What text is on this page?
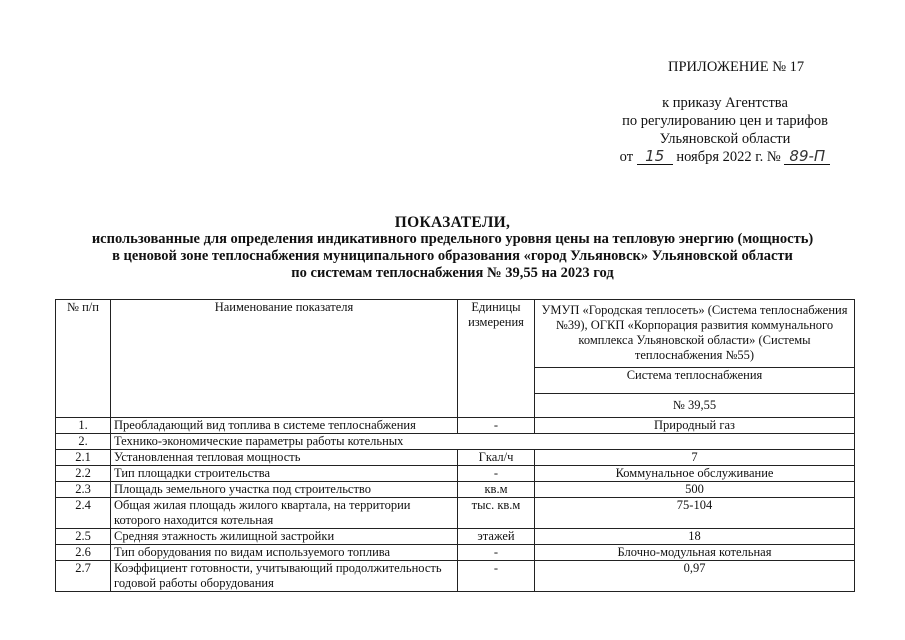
ПРИЛОЖЕНИЕ № 17
к приказу Агентства
по регулированию цен и тарифов
Ульяновской области
от 15 ноября 2022 г. № 89-П
ПОКАЗАТЕЛИ,
использованные для определения индикативного предельного уровня цены на тепловую энергию (мощность)
в ценовой зоне теплоснабжения муниципального образования «город Ульяновск» Ульяновской области
по системам теплоснабжения № 39,55 на 2023 год
№ п/п	Наименование показателя	Единицы измерения	УМУП «Городская теплосеть» (Система теплоснабжения №39), ОГКП «Корпорация развития коммунального комплекса Ульяновской области» (Системы теплоснабжения №55)
			Система теплоснабжения
			№ 39,55
1.	Преобладающий вид топлива в системе теплоснабжения	-	Природный газ
2.	Технико-экономические параметры работы котельных		
2.1	Установленная тепловая мощность	Гкал/ч	7
2.2	Тип площадки строительства	-	Коммунальное обслуживание
2.3	Площадь земельного участка под строительство	кв.м	500
2.4	Общая жилая площадь жилого квартала, на территории которого находится котельная	тыс. кв.м	75-104
2.5	Средняя этажность жилищной застройки	этажей	18
2.6	Тип оборудования по видам используемого топлива	-	Блочно-модульная котельная
2.7	Коэффициент готовности, учитывающий продолжительность годовой работы оборудования	-	0,97
